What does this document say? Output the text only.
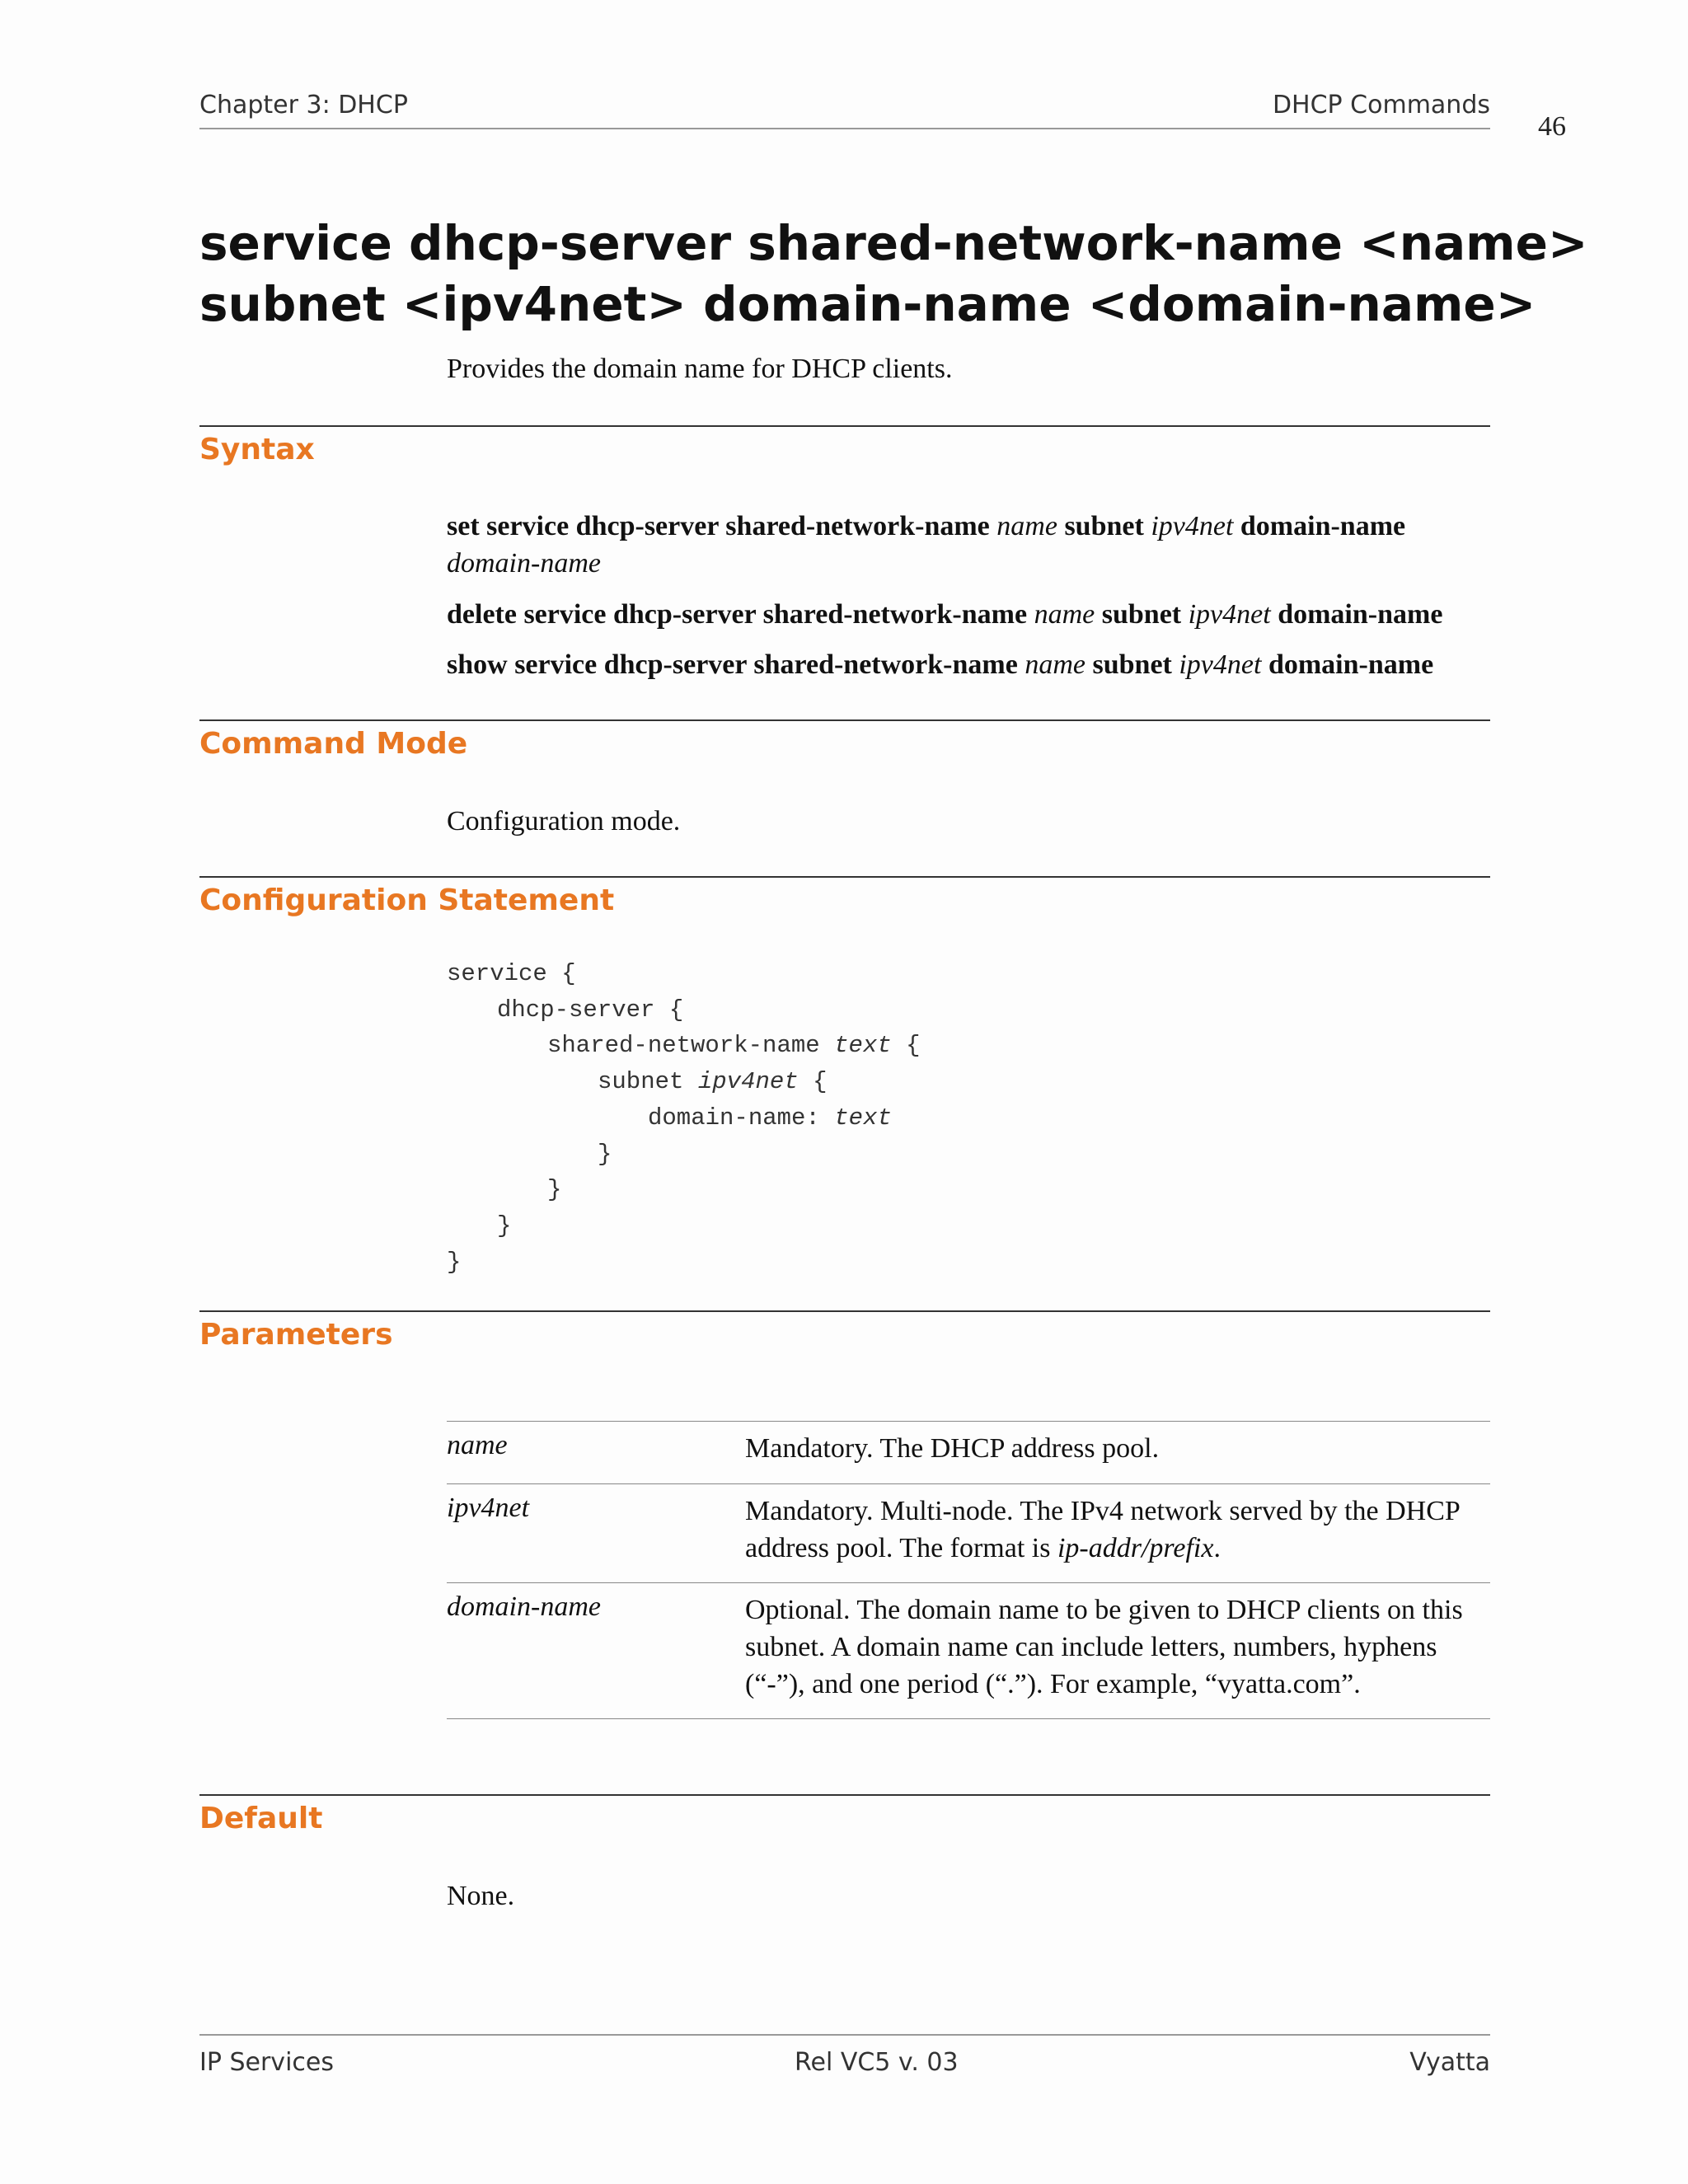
Chapter 3: DHCP	DHCP Commands
46
service dhcp-server shared-network-name <name>
subnet <ipv4net> domain-name <domain-name>
Provides the domain name for DHCP clients.
Syntax
set service dhcp-server shared-network-name name subnet ipv4net domain-name
domain-name
delete service dhcp-server shared-network-name name subnet ipv4net domain-name
show service dhcp-server shared-network-name name subnet ipv4net domain-name
Command Mode
Configuration mode.
Configuration Statement
service {
dhcp-server {
shared-network-name text {
subnet ipv4net {
domain-name: text
}
}
}
}
Parameters
name	Mandatory. The DHCP address pool.
ipv4net	Mandatory. Multi-node. The IPv4 network served by the DHCP
address pool. The format is ip-addr/prefix.
domain-name	Optional. The domain name to be given to DHCP clients on this
subnet. A domain name can include letters, numbers, hyphens
(“-”), and one period (“.”). For example, “vyatta.com”.
Default
None.
IP Services	Rel VC5 v. 03	Vyatta
